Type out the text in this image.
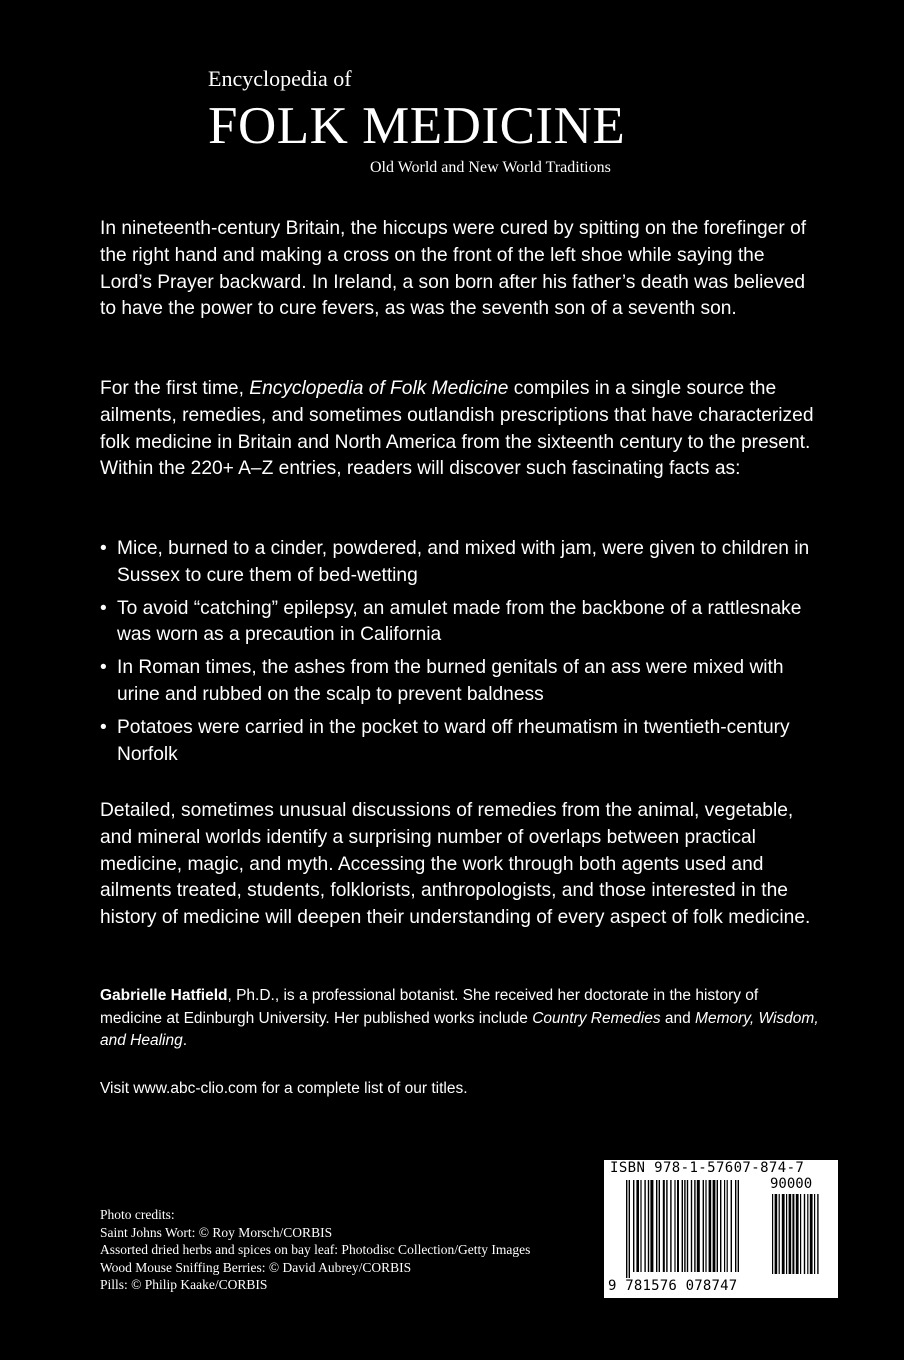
Encyclopedia of
FOLK MEDICINE
Old World and New World Traditions
In nineteenth-century Britain, the hiccups were cured by spitting on the forefinger of the right hand and making a cross on the front of the left shoe while saying the Lord’s Prayer backward. In Ireland, a son born after his father’s death was believed to have the power to cure fevers, as was the seventh son of a seventh son.
For the first time, Encyclopedia of Folk Medicine compiles in a single source the ailments, remedies, and sometimes outlandish prescriptions that have characterized folk medicine in Britain and North America from the sixteenth century to the present. Within the 220+ A–Z entries, readers will discover such fascinating facts as:
• Mice, burned to a cinder, powdered, and mixed with jam, were given to children in Sussex to cure them of bed-wetting
• To avoid “catching” epilepsy, an amulet made from the backbone of a rattlesnake was worn as a precaution in California
• In Roman times, the ashes from the burned genitals of an ass were mixed with urine and rubbed on the scalp to prevent baldness
• Potatoes were carried in the pocket to ward off rheumatism in twentieth-century Norfolk
Detailed, sometimes unusual discussions of remedies from the animal, vegetable, and mineral worlds identify a surprising number of overlaps between practical medicine, magic, and myth. Accessing the work through both agents used and ailments treated, students, folklorists, anthropologists, and those interested in the history of medicine will deepen their understanding of every aspect of folk medicine.
Gabrielle Hatfield, Ph.D., is a professional botanist. She received her doctorate in the history of medicine at Edinburgh University. Her published works include Country Remedies and Memory, Wisdom, and Healing.
Visit www.abc-clio.com for a complete list of our titles.
Photo credits:
Saint Johns Wort: © Roy Morsch/CORBIS
Assorted dried herbs and spices on bay leaf: Photodisc Collection/Getty Images
Wood Mouse Sniffing Berries: © David Aubrey/CORBIS
Pills: © Philip Kaake/CORBIS
ISBN 978-1-57607-874-7
90000
9 781576 078747
